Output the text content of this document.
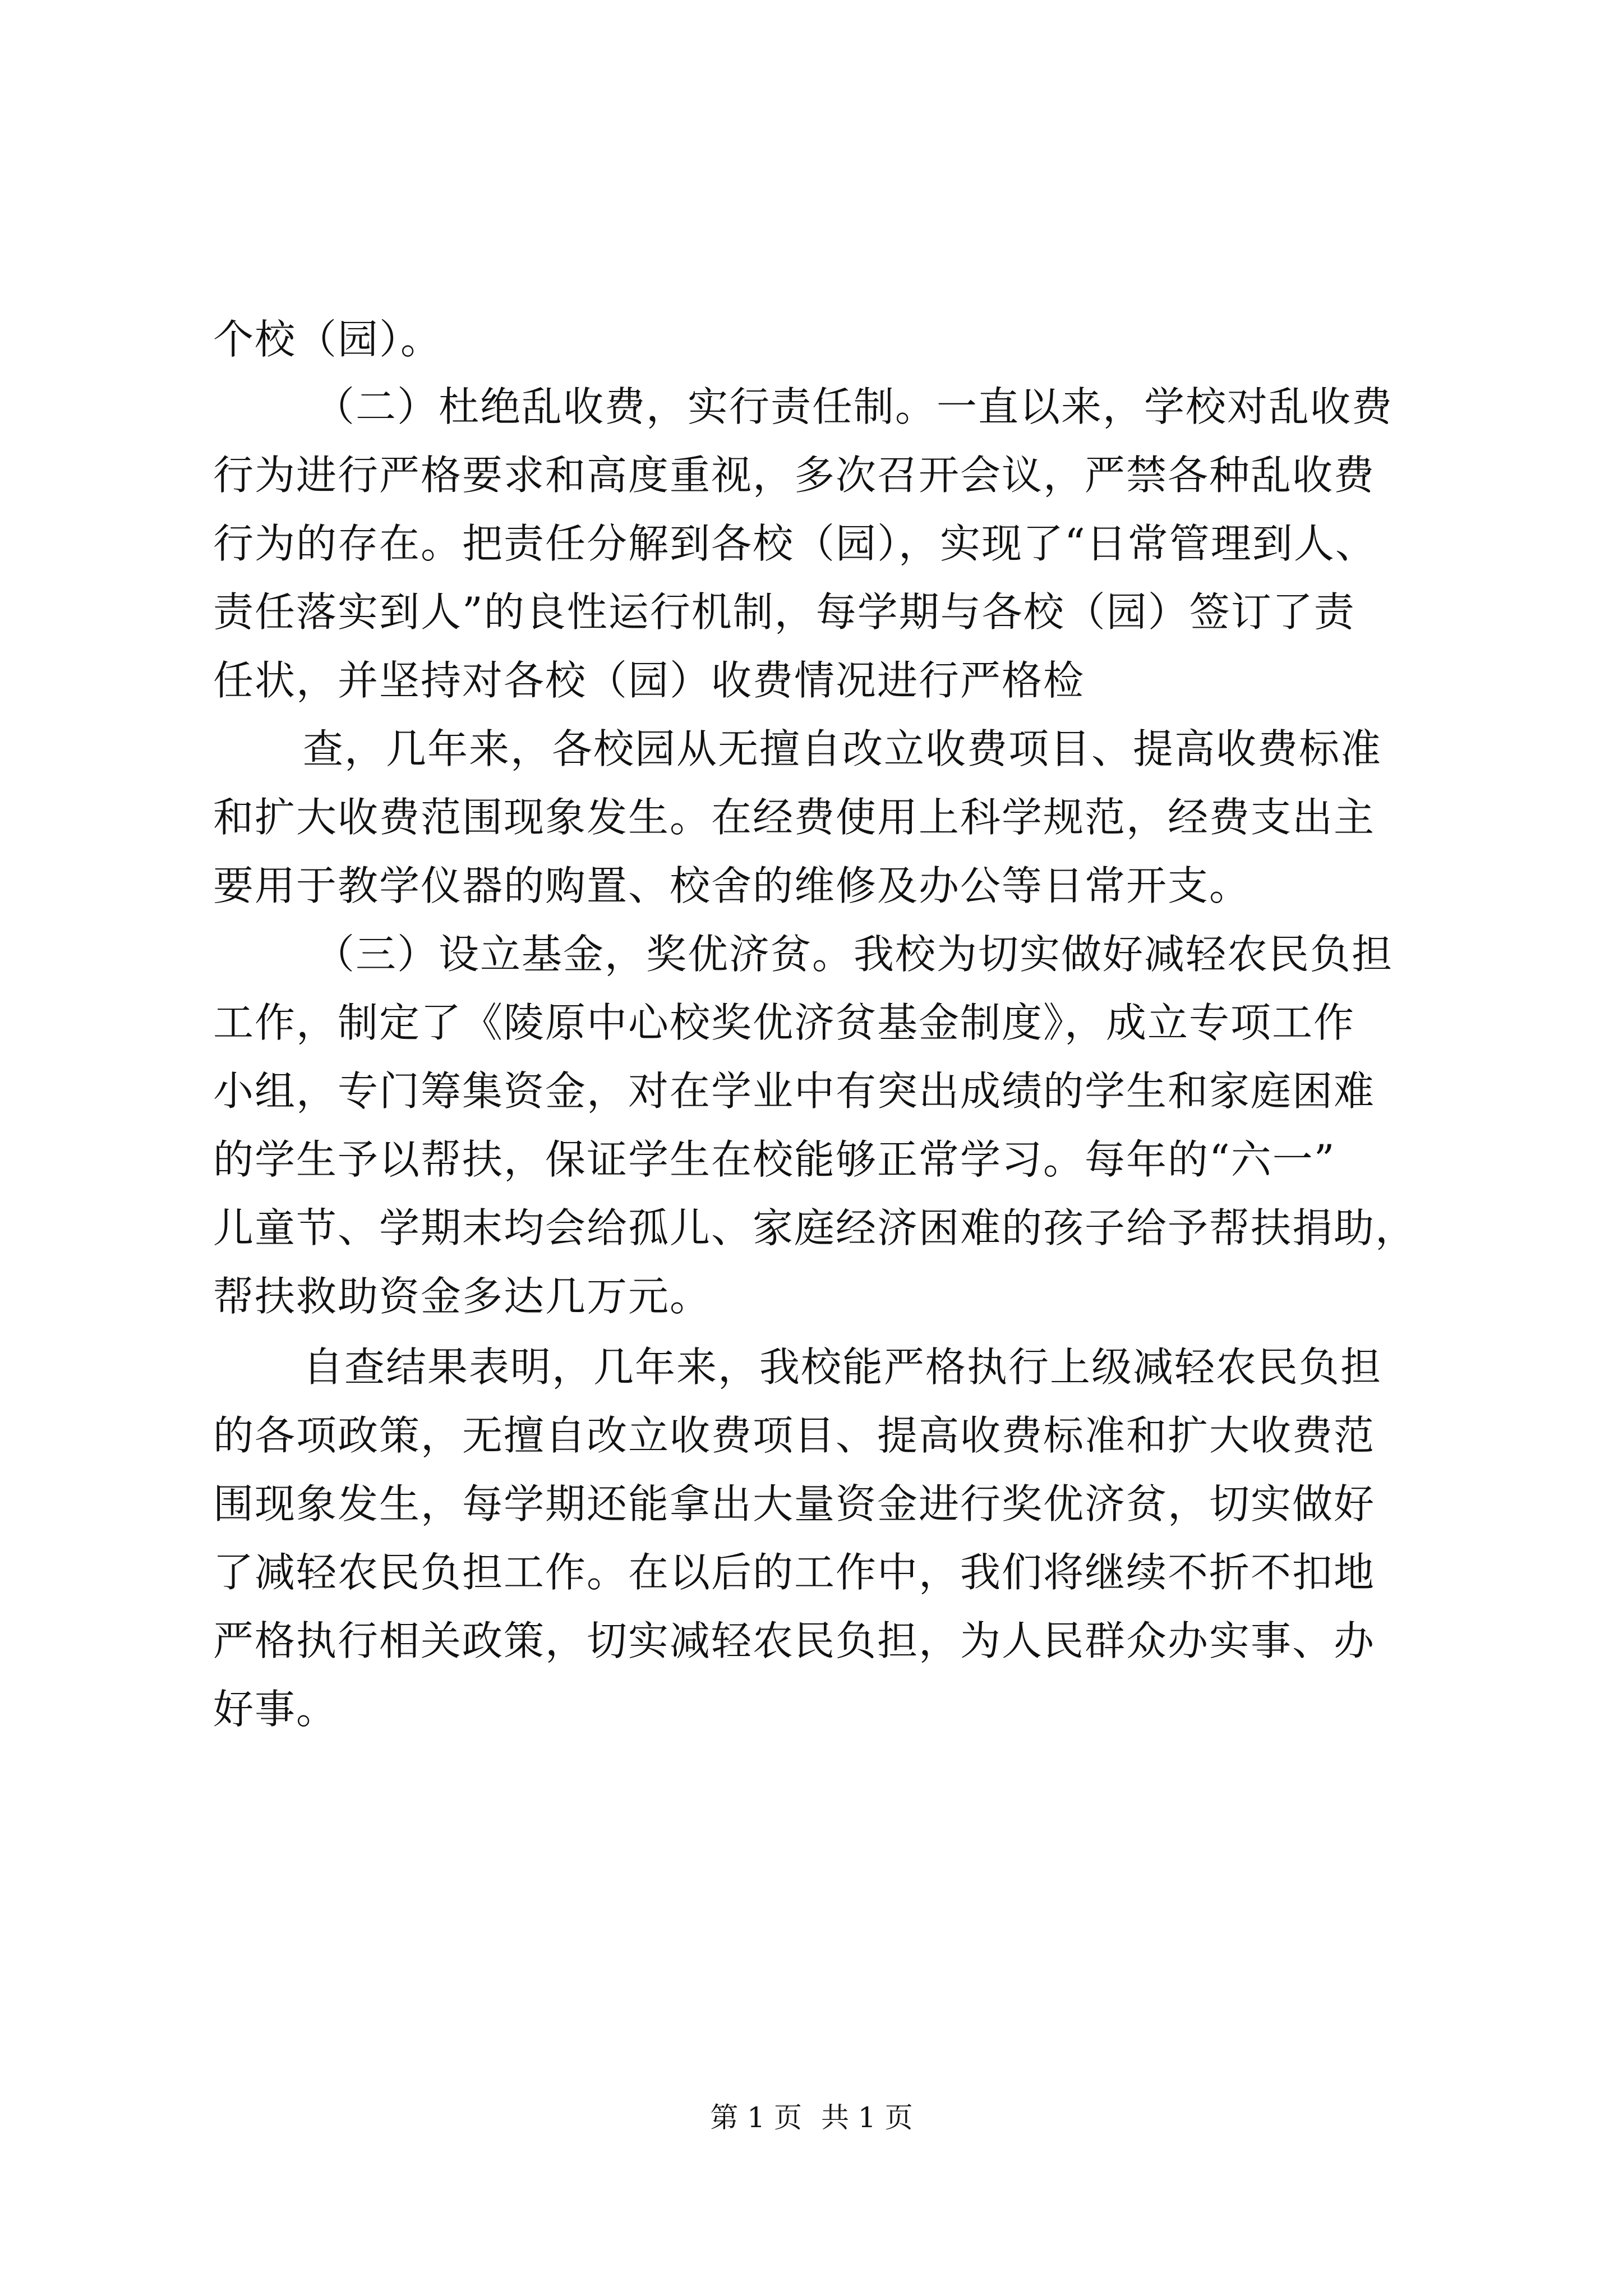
个校（园）。

（二）杜绝乱收费，实行责任制。一直以来，学校对乱收费

行为进行严格要求和高度重视，多次召开会议，严禁各种乱收费

行为的存在。把责任分解到各校（园），实现了“日常管理到人、

责任落实到人”的良性运行机制，每学期与各校（园）签订了责

任状，并坚持对各校（园）收费情况进行严格检

查，几年来，各校园从无擅自改立收费项目、提高收费标准

和扩大收费范围现象发生。在经费使用上科学规范，经费支出主

要用于教学仪器的购置、校舍的维修及办公等日常开支。

（三）设立基金，奖优济贫。我校为切实做好减轻农民负担

工作，制定了《陵原中心校奖优济贫基金制度》，成立专项工作

小组，专门筹集资金，对在学业中有突出成绩的学生和家庭困难

的学生予以帮扶，保证学生在校能够正常学习。每年的“六一”

儿童节、学期末均会给孤儿、家庭经济困难的孩子给予帮扶捐助，

帮扶救助资金多达几万元。

自查结果表明，几年来，我校能严格执行上级减轻农民负担

的各项政策，无擅自改立收费项目、提高收费标准和扩大收费范

围现象发生，每学期还能拿出大量资金进行奖优济贫，切实做好

了减轻农民负担工作。在以后的工作中，我们将继续不折不扣地

严格执行相关政策，切实减轻农民负担，为人民群众办实事、办

好事。

第 1 页 共 1 页
